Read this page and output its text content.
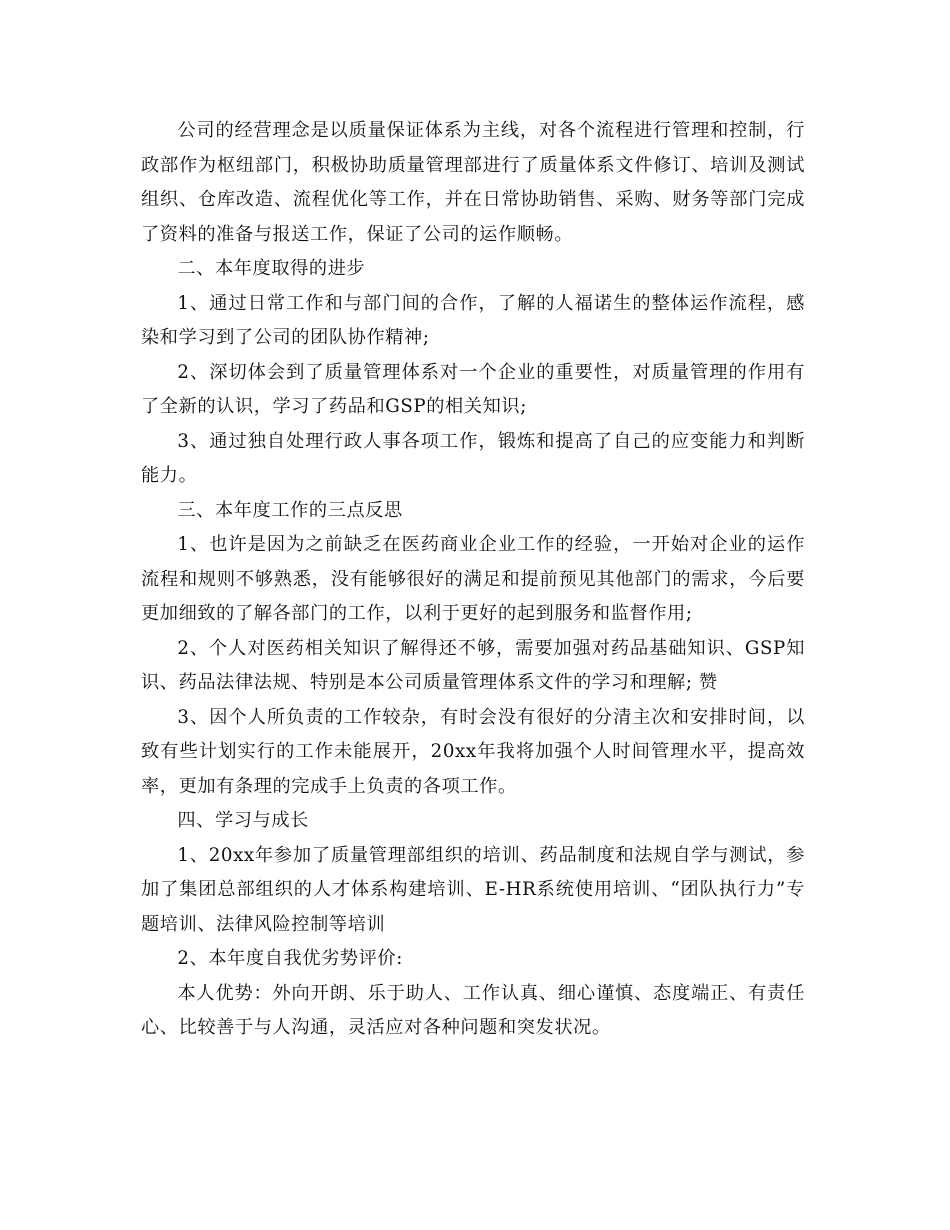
公司的经营理念是以质量保证体系为主线，对各个流程进行管理和控制，行政部作为枢纽部门，积极协助质量管理部进行了质量体系文件修订、培训及测试组织、仓库改造、流程优化等工作，并在日常协助销售、采购、财务等部门完成了资料的准备与报送工作，保证了公司的运作顺畅。

二、本年度取得的进步

1、通过日常工作和与部门间的合作，了解的人福诺生的整体运作流程，感染和学习到了公司的团队协作精神;

2、深切体会到了质量管理体系对一个企业的重要性，对质量管理的作用有了全新的认识，学习了药品和GSP的相关知识;

3、通过独自处理行政人事各项工作，锻炼和提高了自己的应变能力和判断能力。

三、本年度工作的三点反思

1、也许是因为之前缺乏在医药商业企业工作的经验，一开始对企业的运作流程和规则不够熟悉，没有能够很好的满足和提前预见其他部门的需求，今后要更加细致的了解各部门的工作，以利于更好的起到服务和监督作用;

2、个人对医药相关知识了解得还不够，需要加强对药品基础知识、GSP知识、药品法律法规、特别是本公司质量管理体系文件的学习和理解; 赞

3、因个人所负责的工作较杂，有时会没有很好的分清主次和安排时间，以致有些计划实行的工作未能展开，20xx年我将加强个人时间管理水平，提高效率，更加有条理的完成手上负责的各项工作。

四、学习与成长

1、20xx年参加了质量管理部组织的培训、药品制度和法规自学与测试，参加了集团总部组织的人才体系构建培训、E-HR系统使用培训、“团队执行力”专题培训、法律风险控制等培训

2、本年度自我优劣势评价:

本人优势：外向开朗、乐于助人、工作认真、细心谨慎、态度端正、有责任心、比较善于与人沟通，灵活应对各种问题和突发状况。
